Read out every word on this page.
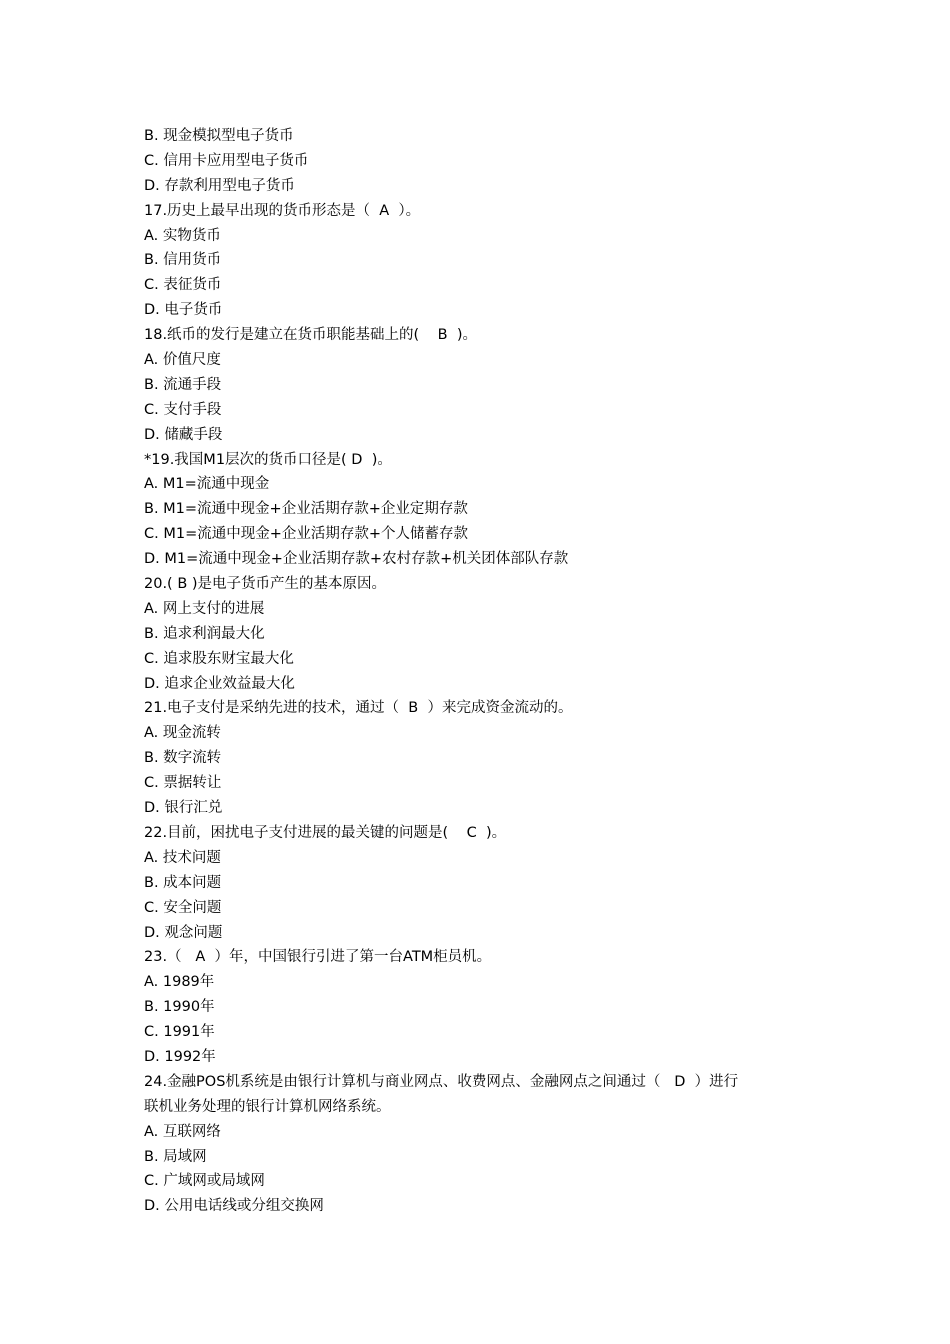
B. 现金模拟型电子货币
C. 信用卡应用型电子货币
D. 存款利用型电子货币
17.历史上最早出现的货币形态是（  A  ）。
A. 实物货币
B. 信用货币
C. 表征货币
D. 电子货币
18.纸币的发行是建立在货币职能基础上的(    B  )。
A. 价值尺度
B. 流通手段
C. 支付手段
D. 储藏手段
*19.我国M1层次的货币口径是( D  )。
A. M1=流通中现金
B. M1=流通中现金+企业活期存款+企业定期存款
C. M1=流通中现金+企业活期存款+个人储蓄存款
D. M1=流通中现金+企业活期存款+农村存款+机关团体部队存款
20.( B )是电子货币产生的基本原因。
A. 网上支付的进展
B. 追求利润最大化
C. 追求股东财宝最大化
D. 追求企业效益最大化
21.电子支付是采纳先进的技术，通过（  B  ）来完成资金流动的。
A. 现金流转
B. 数字流转
C. 票据转让
D. 银行汇兑
22.目前，困扰电子支付进展的最关键的问题是(    C  )。
A. 技术问题
B. 成本问题
C. 安全问题
D. 观念问题
23.（   A  ）年，中国银行引进了第一台ATM柜员机。
A. 1989年
B. 1990年
C. 1991年
D. 1992年
24.金融POS机系统是由银行计算机与商业网点、收费网点、金融网点之间通过（   D  ）进行
联机业务处理的银行计算机网络系统。
A. 互联网络
B. 局域网
C. 广域网或局域网
D. 公用电话线或分组交换网
